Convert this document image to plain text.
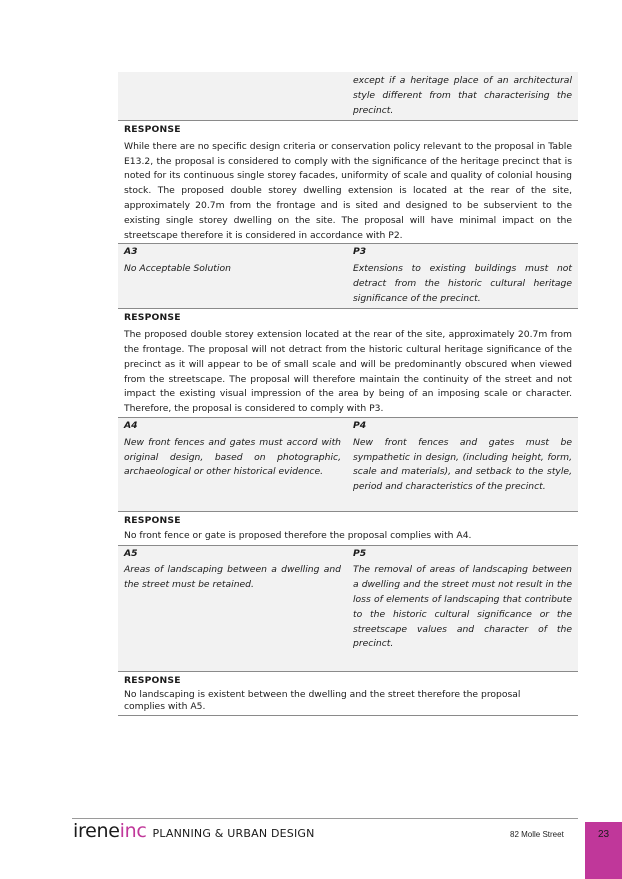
except if a heritage place of an architectural
style different from that characterising the
precinct.
RESPONSE
While there are no specific design criteria or conservation policy relevant to the proposal in Table E13.2, the proposal is considered to comply with the significance of the heritage precinct that is noted for its continuous single storey facades, uniformity of scale and quality of colonial housing stock. The proposed double storey dwelling extension is located at the rear of the site, approximately 20.7m from the frontage and is sited and designed to be subservient to the existing single storey dwelling on the site. The proposal will have minimal impact on the streetscape therefore it is considered in accordance with P2.
A3
No Acceptable Solution
P3
Extensions to existing buildings must not detract from the historic cultural heritage significance of the precinct.
RESPONSE
The proposed double storey extension located at the rear of the site, approximately 20.7m from the frontage. The proposal will not detract from the historic cultural heritage significance of the precinct as it will appear to be of small scale and will be predominantly obscured when viewed from the streetscape. The proposal will therefore maintain the continuity of the street and not impact the existing visual impression of the area by being of an imposing scale or character. Therefore, the proposal is considered to comply with P3.
A4
New front fences and gates must accord with original design, based on photographic, archaeological or other historical evidence.
P4
New front fences and gates must be sympathetic in design, (including height, form, scale and materials), and setback to the style, period and characteristics of the precinct.
RESPONSE
No front fence or gate is proposed therefore the proposal complies with A4.
A5
Areas of landscaping between a dwelling and the street must be retained.
P5
The removal of areas of landscaping between a dwelling and the street must not result in the loss of elements of landscaping that contribute to the historic cultural significance or the streetscape values and character of the precinct.
RESPONSE
No landscaping is existent between the dwelling and the street therefore the proposal
complies with A5.
irene inc PLANNING & URBAN DESIGN	82 Molle Street	23
